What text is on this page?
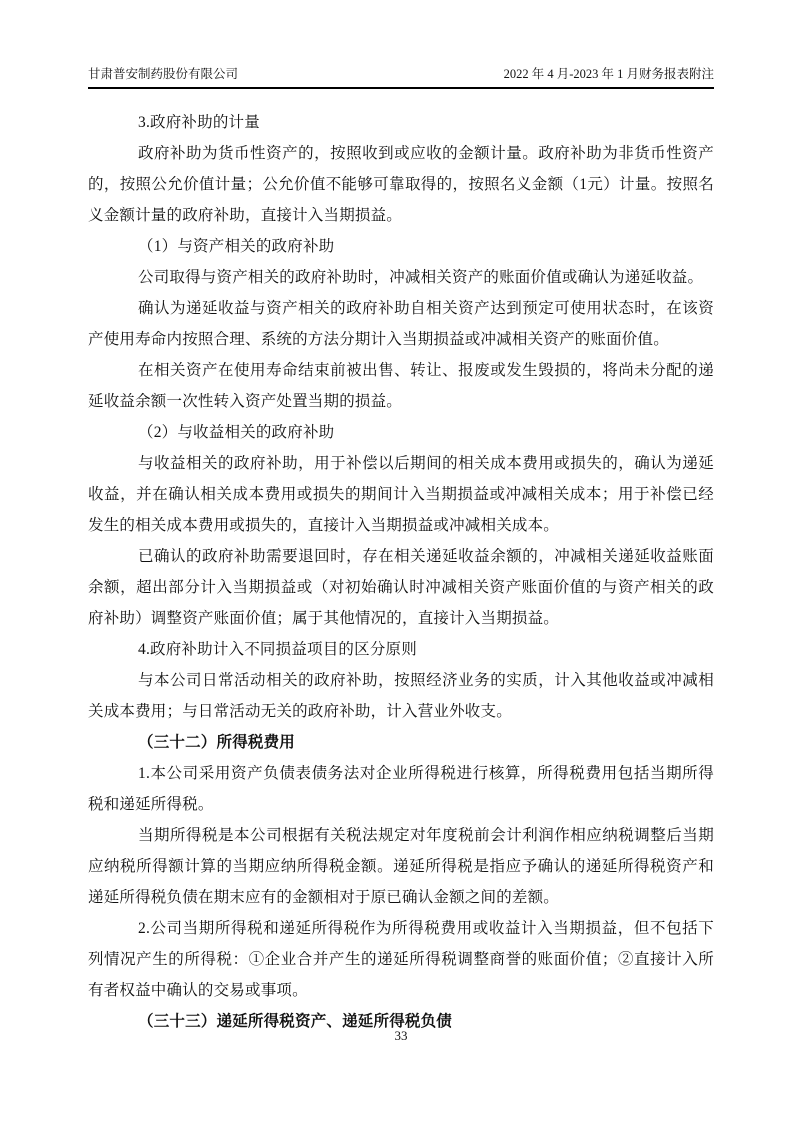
甘肃普安制药股份有限公司	2022 年 4 月-2023 年 1 月财务报表附注

3.政府补助的计量

政府补助为货币性资产的，按照收到或应收的金额计量。政府补助为非货币性资产的，按照公允价值计量；公允价值不能够可靠取得的，按照名义金额（1元）计量。按照名义金额计量的政府补助，直接计入当期损益。

（1）与资产相关的政府补助

公司取得与资产相关的政府补助时，冲减相关资产的账面价值或确认为递延收益。

确认为递延收益与资产相关的政府补助自相关资产达到预定可使用状态时，在该资产使用寿命内按照合理、系统的方法分期计入当期损益或冲减相关资产的账面价值。

在相关资产在使用寿命结束前被出售、转让、报废或发生毁损的，将尚未分配的递延收益余额一次性转入资产处置当期的损益。

（2）与收益相关的政府补助

与收益相关的政府补助，用于补偿以后期间的相关成本费用或损失的，确认为递延收益，并在确认相关成本费用或损失的期间计入当期损益或冲减相关成本；用于补偿已经发生的相关成本费用或损失的，直接计入当期损益或冲减相关成本。

已确认的政府补助需要退回时，存在相关递延收益余额的，冲减相关递延收益账面余额，超出部分计入当期损益或（对初始确认时冲减相关资产账面价值的与资产相关的政府补助）调整资产账面价值；属于其他情况的，直接计入当期损益。

4.政府补助计入不同损益项目的区分原则

与本公司日常活动相关的政府补助，按照经济业务的实质，计入其他收益或冲减相关成本费用；与日常活动无关的政府补助，计入营业外收支。

（三十二）所得税费用

1.本公司采用资产负债表债务法对企业所得税进行核算，所得税费用包括当期所得税和递延所得税。

当期所得税是本公司根据有关税法规定对年度税前会计利润作相应纳税调整后当期应纳税所得额计算的当期应纳所得税金额。递延所得税是指应予确认的递延所得税资产和递延所得税负债在期末应有的金额相对于原已确认金额之间的差额。

2.公司当期所得税和递延所得税作为所得税费用或收益计入当期损益，但不包括下列情况产生的所得税：①企业合并产生的递延所得税调整商誉的账面价值；②直接计入所有者权益中确认的交易或事项。

（三十三）递延所得税资产、递延所得税负债

33
